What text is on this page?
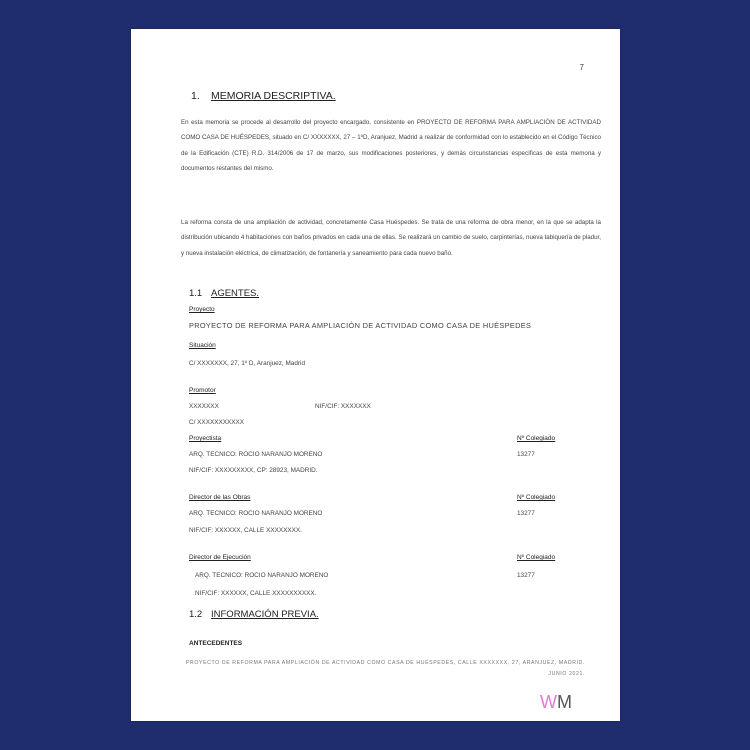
7
1. MEMORIA DESCRIPTIVA.
En esta memoria se procede al desarrollo del proyecto encargado, consistente en PROYECTO DE REFORMA PARA AMPLIACIÓN DE ACTIVIDAD COMO CASA DE HUÉSPEDES, situado en C/ XXXXXXX, 27 – 1ºD, Aranjuez, Madrid a realizar de conformidad con lo establecido en el Código Técnico de la Edificación (CTE) R.D. 314/2006 de 17 de marzo, sus modificaciones posteriores, y demás circunstancias específicas de esta memoria y documentos restantes del mismo.
La reforma consta de una ampliación de actividad, concretamente Casa Huéspedes. Se trata de una reforma de obra menor, en la que se adapta la distribución ubicando 4 habitaciones con baños privados en cada una de ellas. Se realizará un cambio de suelo, carpinterías, nueva tabiquería de pladur, y nueva instalación eléctrica, de climatización, de fontanería y saneamiento para cada nuevo baño.
1.1 AGENTES.
Proyecto
PROYECTO DE REFORMA PARA AMPLIACIÓN DE ACTIVIDAD COMO CASA DE HUÉSPEDES
Situación
C/ XXXXXXX, 27, 1º D, Aranjuez, Madrid
Promotor
XXXXXXX	NIF/CIF: XXXXXXX
C/ XXXXXXXXXXX
Proyectista	Nº Colegiado
ARQ. TECNICO: ROCIO NARANJO MORENO	13277
NIF/CIF: XXXXXXXXX, CP: 28923, MADRID.
Director de las Obras	Nº Colegiado
ARQ. TECNICO: ROCIO NARANJO MORENO	13277
NIF/CIF: XXXXXX, CALLE XXXXXXXX.
Director de Ejecución	Nº Colegiado
ARQ. TECNICO: ROCIO NARANJO MORENO	13277
NIF/CIF: XXXXXX, CALLE XXXXXXXXXX.
1.2 INFORMACIÓN PREVIA.
ANTECEDENTES
PROYECTO DE REFORMA PARA AMPLIACIÓN DE ACTIVIDAD COMO CASA DE HUÉSPEDES, CALLE XXXXXXX, 27, ARANJUEZ, MADRID. JUNIO 2021.
WM
